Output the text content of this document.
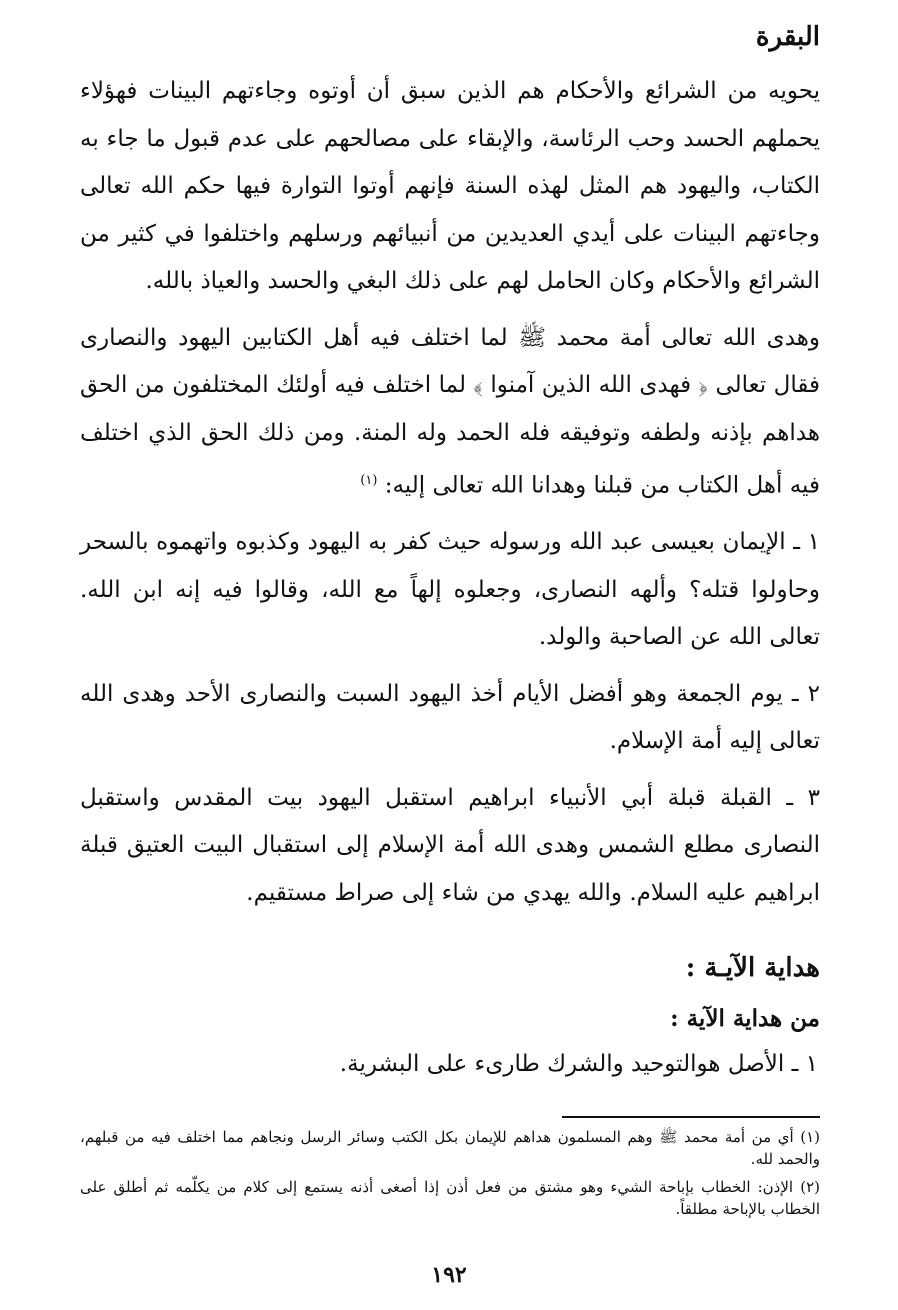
البقرة

يحويه من الشرائع والأحكام هم الذين سبق أن أوتوه وجاءتهم البينات فهؤلاء يحملهم الحسد وحب الرئاسة، والإبقاء على مصالحهم على عدم قبول ما جاء به الكتاب، واليهود هم المثل لهذه السنة فإنهم أوتوا التوارة فيها حكم الله تعالى وجاءتهم البينات على أيدي العديدين من أنبيائهم ورسلهم واختلفوا في كثير من الشرائع والأحكام وكان الحامل لهم على ذلك البغي والحسد والعياذ بالله.

وهدى الله تعالى أمة محمد ﷺ لما اختلف فيه أهل الكتابين اليهود والنصارى فقال تعالى ﴿ فهدى الله الذين آمنوا ﴾ لما اختلف فيه أولئك المختلفون من الحق هداهم بإذنه ولطفه وتوفيقه فله الحمد وله المنة. ومن ذلك الحق الذي اختلف فيه أهل الكتاب من قبلنا وهدانا الله تعالى إليه: $^{(١)}$

١ ـ الإيمان بعيسى عبد الله ورسوله حيث كفر به اليهود وكذبوه واتهموه بالسحر وحاولوا قتله؟ وألهه النصارى، وجعلوه إلهاً مع الله، وقالوا فيه إنه ابن الله. تعالى الله عن الصاحبة والولد.

٢ ـ يوم الجمعة وهو أفضل الأيام أخذ اليهود السبت والنصارى الأحد وهدى الله تعالى إليه أمة الإسلام.

٣ ـ القبلة قبلة أبي الأنبياء ابراهيم استقبل اليهود بيت المقدس واستقبل النصارى مطلع الشمس وهدى الله أمة الإسلام إلى استقبال البيت العتيق قبلة ابراهيم عليه السلام. والله يهدي من شاء إلى صراط مستقيم.

هداية الآيـة :
من هداية الآية :
١ ـ الأصل هوالتوحيد والشرك طارىء على البشرية.

(١) أي من أمة محمد ﷺ وهم المسلمون هداهم للإيمان بكل الكتب وسائر الرسل ونجاهم مما اختلف فيه من قبلهم، والحمد لله.

(٢) الإذن: الخطاب بإباحة الشيء وهو مشتق من فعل أذن إذا أصغى أذنه يستمع إلى كلام من يكلّمه ثم أطلق على الخطاب بالإباحة مطلقاً.

١٩٢
